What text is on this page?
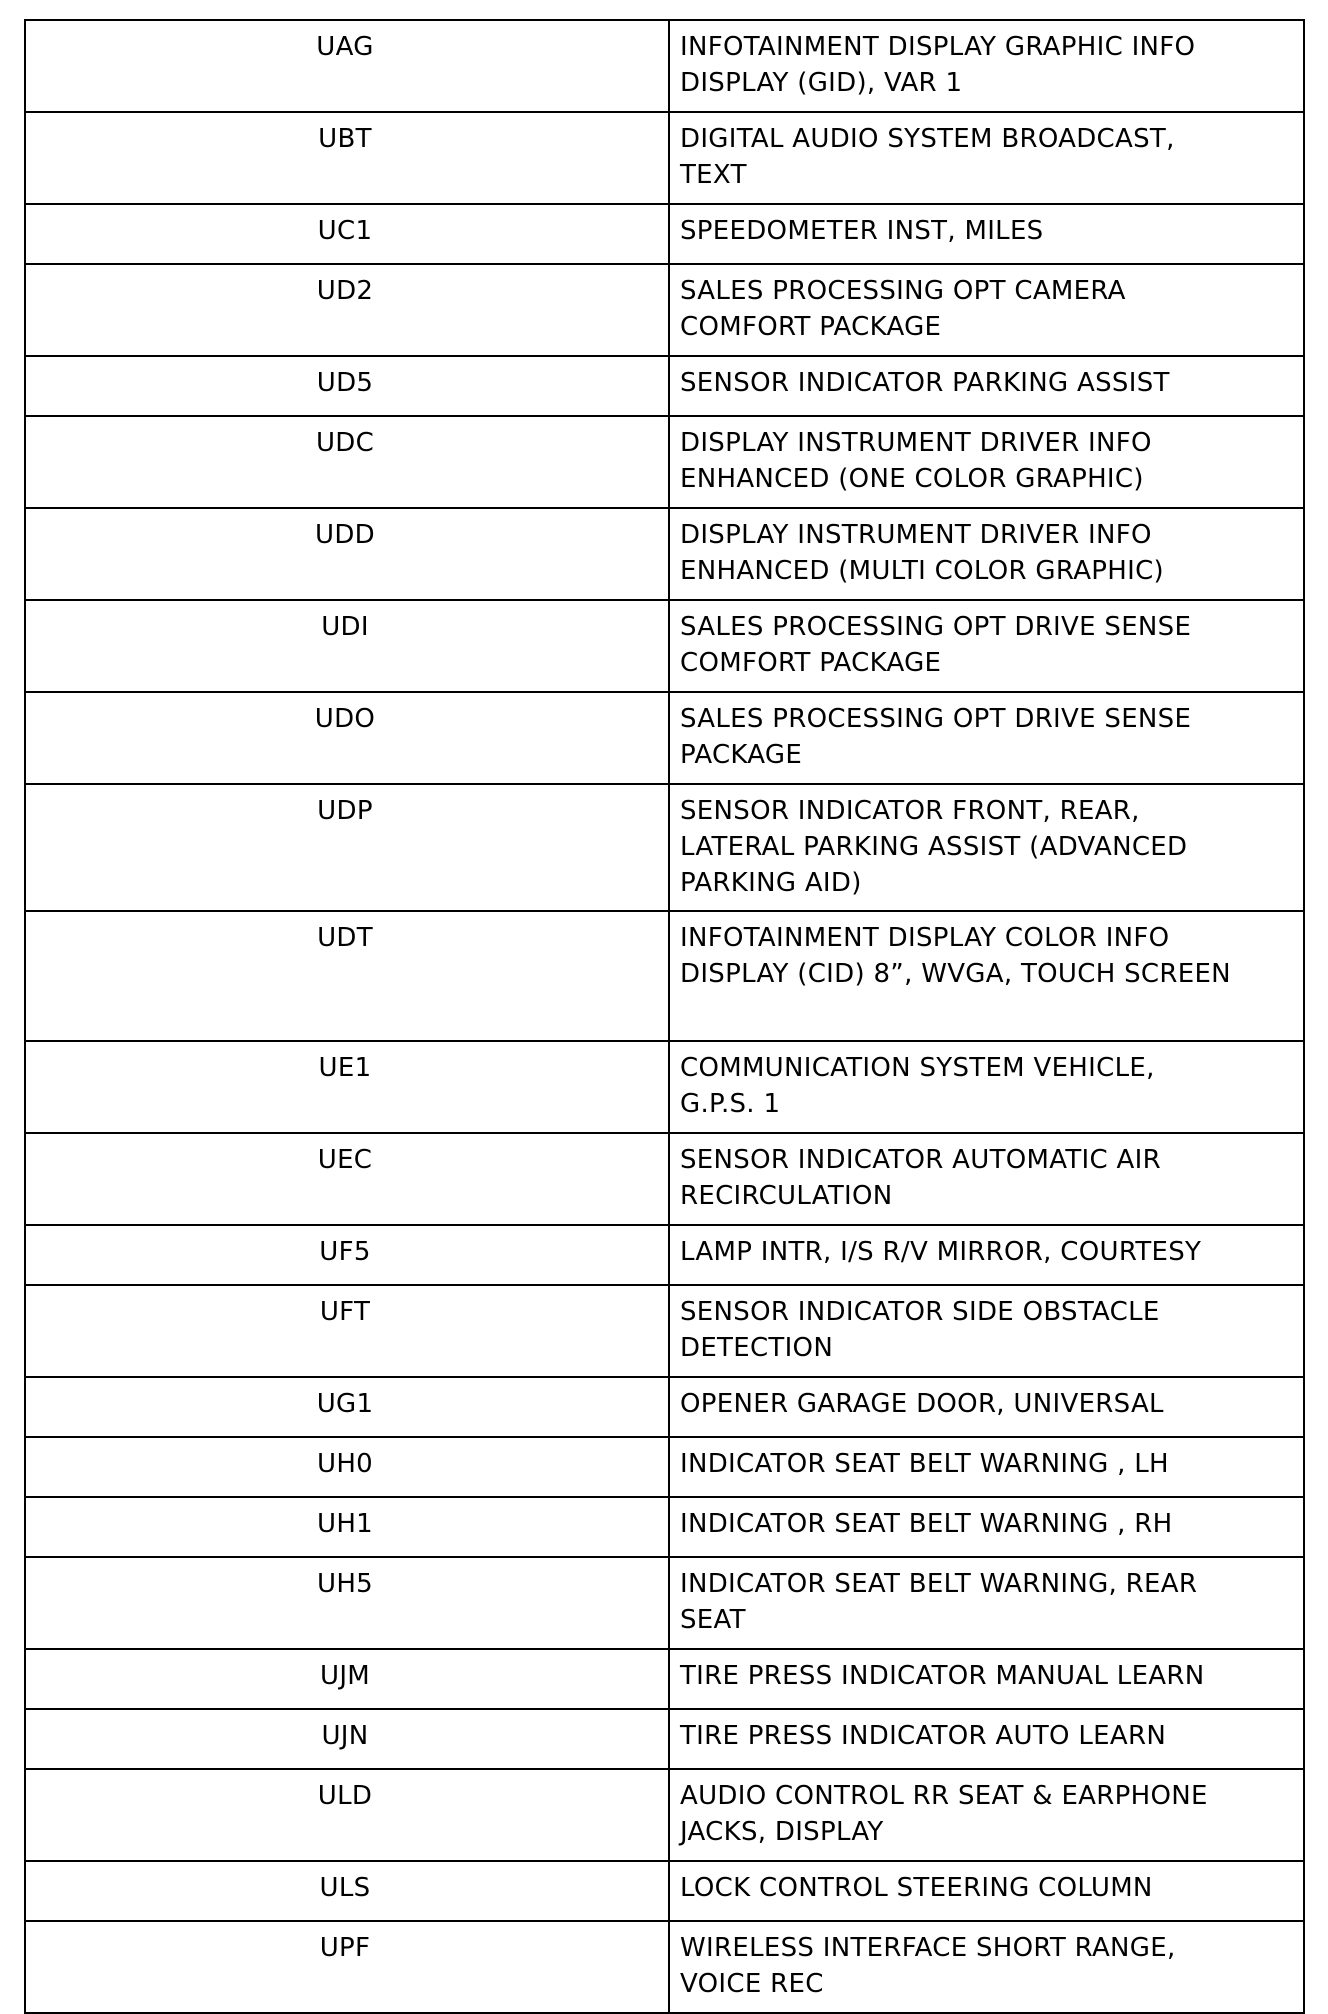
UAG	INFOTAINMENT DISPLAY GRAPHIC INFO
DISPLAY (GID), VAR 1
UBT	DIGITAL AUDIO SYSTEM BROADCAST,
TEXT
UC1	SPEEDOMETER INST, MILES
UD2	SALES PROCESSING OPT CAMERA
COMFORT PACKAGE
UD5	SENSOR INDICATOR PARKING ASSIST
UDC	DISPLAY INSTRUMENT DRIVER INFO
ENHANCED (ONE COLOR GRAPHIC)
UDD	DISPLAY INSTRUMENT DRIVER INFO
ENHANCED (MULTI COLOR GRAPHIC)
UDI	SALES PROCESSING OPT DRIVE SENSE
COMFORT PACKAGE
UDO	SALES PROCESSING OPT DRIVE SENSE
PACKAGE
UDP	SENSOR INDICATOR FRONT, REAR,
LATERAL PARKING ASSIST (ADVANCED
PARKING AID)
UDT	INFOTAINMENT DISPLAY COLOR INFO
DISPLAY (CID) 8”, WVGA, TOUCH SCREEN
UE1	COMMUNICATION SYSTEM VEHICLE,
G.P.S. 1
UEC	SENSOR INDICATOR AUTOMATIC AIR
RECIRCULATION
UF5	LAMP INTR, I/S R/V MIRROR, COURTESY
UFT	SENSOR INDICATOR SIDE OBSTACLE
DETECTION
UG1	OPENER GARAGE DOOR, UNIVERSAL
UH0	INDICATOR SEAT BELT WARNING , LH
UH1	INDICATOR SEAT BELT WARNING , RH
UH5	INDICATOR SEAT BELT WARNING, REAR
SEAT
UJM	TIRE PRESS INDICATOR MANUAL LEARN
UJN	TIRE PRESS INDICATOR AUTO LEARN
ULD	AUDIO CONTROL RR SEAT & EARPHONE
JACKS, DISPLAY
ULS	LOCK CONTROL STEERING COLUMN
UPF	WIRELESS INTERFACE SHORT RANGE,
VOICE REC
